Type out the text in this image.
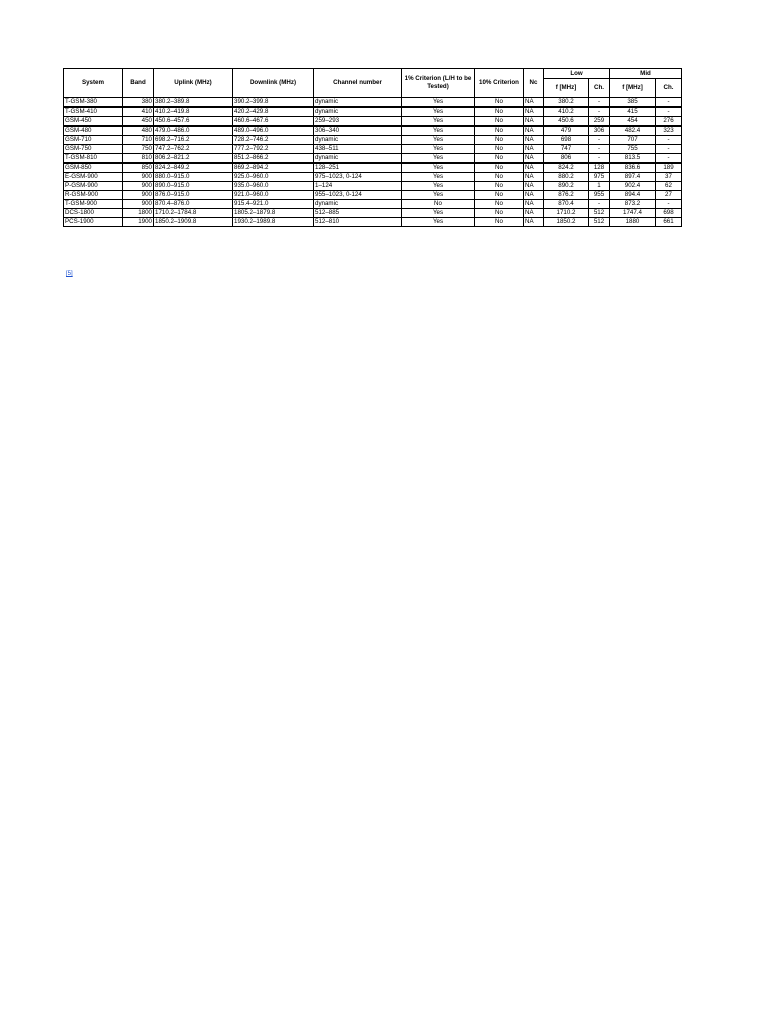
System	Band	Uplink (MHz)	Downlink (MHz)	Channel number	1% Criterion (L/H to be Tested)	10% Criterion	Nc	Low		Mid	
								f [MHz]	Ch.	f [MHz]	Ch.
T-GSM-380	380	380.2–389.8	390.2–399.8	dynamic	Yes	No	NA	380.2	-	385	-
T-GSM-410	410	410.2–419.8	420.2–429.8	dynamic	Yes	No	NA	410.2	-	415	-
GSM-450	450	450.6–457.6	460.6–467.6	259–293	Yes	No	NA	450.6	259	454	276
GSM-480	480	479.0–486.0	489.0–496.0	306–340	Yes	No	NA	479	306	482.4	323
GSM-710	710	698.2–716.2	728.2–746.2	dynamic	Yes	No	NA	698	-	707	-
GSM-750	750	747.2–762.2	777.2–792.2	438–511	Yes	No	NA	747	-	755	-
T-GSM-810	810	806.2–821.2	851.2–866.2	dynamic	Yes	No	NA	806	-	813.5	-
GSM-850	850	824.2–849.2	869.2–894.2	128–251	Yes	No	NA	824.2	128	836.6	189
E-GSM-900	900	880.0–915.0	925.0–960.0	975–1023, 0-124	Yes	No	NA	880.2	975	897.4	37
P-GSM-900	900	890.0–915.0	935.0–960.0	1–124	Yes	No	NA	890.2	1	902.4	62
R-GSM-900	900	876.0–915.0	921.0–960.0	955–1023, 0-124	Yes	No	NA	876.2	955	894.4	27
T-GSM-900	900	870.4–876.0	915.4–921.0	dynamic	No	No	NA	870.4	-	873.2	-
DCS-1800	1800	1710.2–1784.8	1805.2–1879.8	512–885	Yes	No	NA	1710.2	512	1747.4	698
PCS-1900	1900	1850.2–1909.8	1930.2–1989.8	512–810	Yes	No	NA	1850.2	512	1880	661
[5]
